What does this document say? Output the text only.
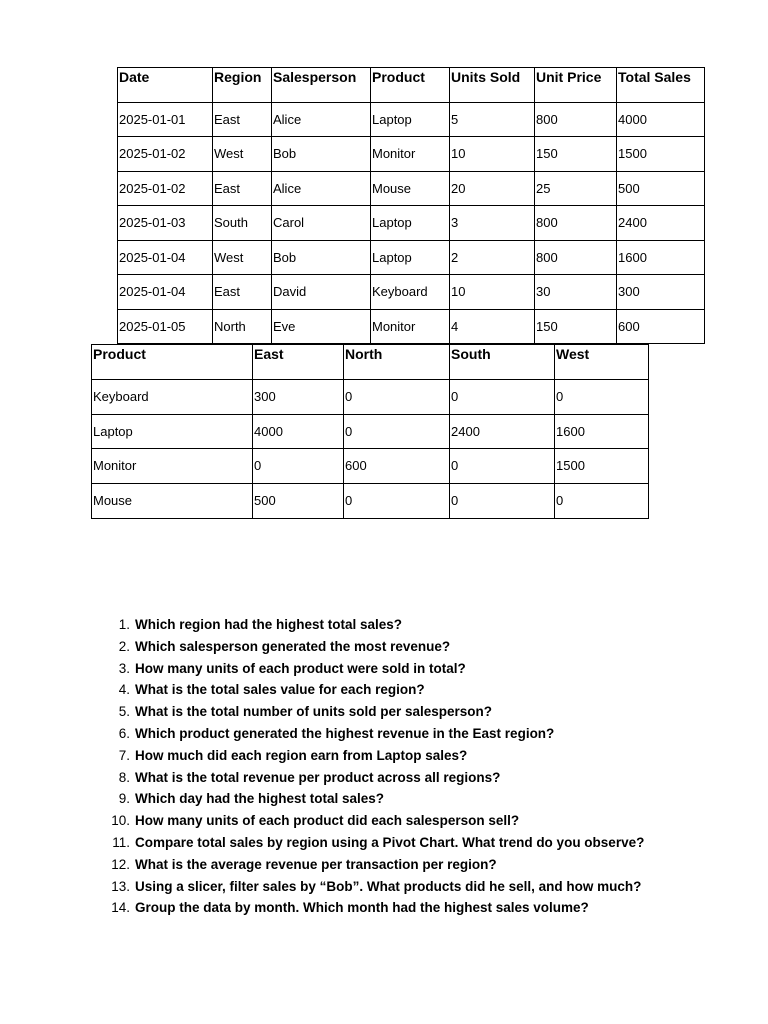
Date	Region	Salesperson	Product	Units Sold	Unit Price	Total Sales
2025-01-01	East	Alice	Laptop	5	800	4000
2025-01-02	West	Bob	Monitor	10	150	1500
2025-01-02	East	Alice	Mouse	20	25	500
2025-01-03	South	Carol	Laptop	3	800	2400
2025-01-04	West	Bob	Laptop	2	800	1600
2025-01-04	East	David	Keyboard	10	30	300
2025-01-05	North	Eve	Monitor	4	150	600
Product	East	North	South	West
Keyboard	300	0	0	0
Laptop	4000	0	2400	1600
Monitor	0	600	0	1500
Mouse	500	0	0	0
1. Which region had the highest total sales?
2. Which salesperson generated the most revenue?
3. How many units of each product were sold in total?
4. What is the total sales value for each region?
5. What is the total number of units sold per salesperson?
6. Which product generated the highest revenue in the East region?
7. How much did each region earn from Laptop sales?
8. What is the total revenue per product across all regions?
9. Which day had the highest total sales?
10. How many units of each product did each salesperson sell?
11. Compare total sales by region using a Pivot Chart. What trend do you observe?
12. What is the average revenue per transaction per region?
13. Using a slicer, filter sales by “Bob”. What products did he sell, and how much?
14. Group the data by month. Which month had the highest sales volume?
